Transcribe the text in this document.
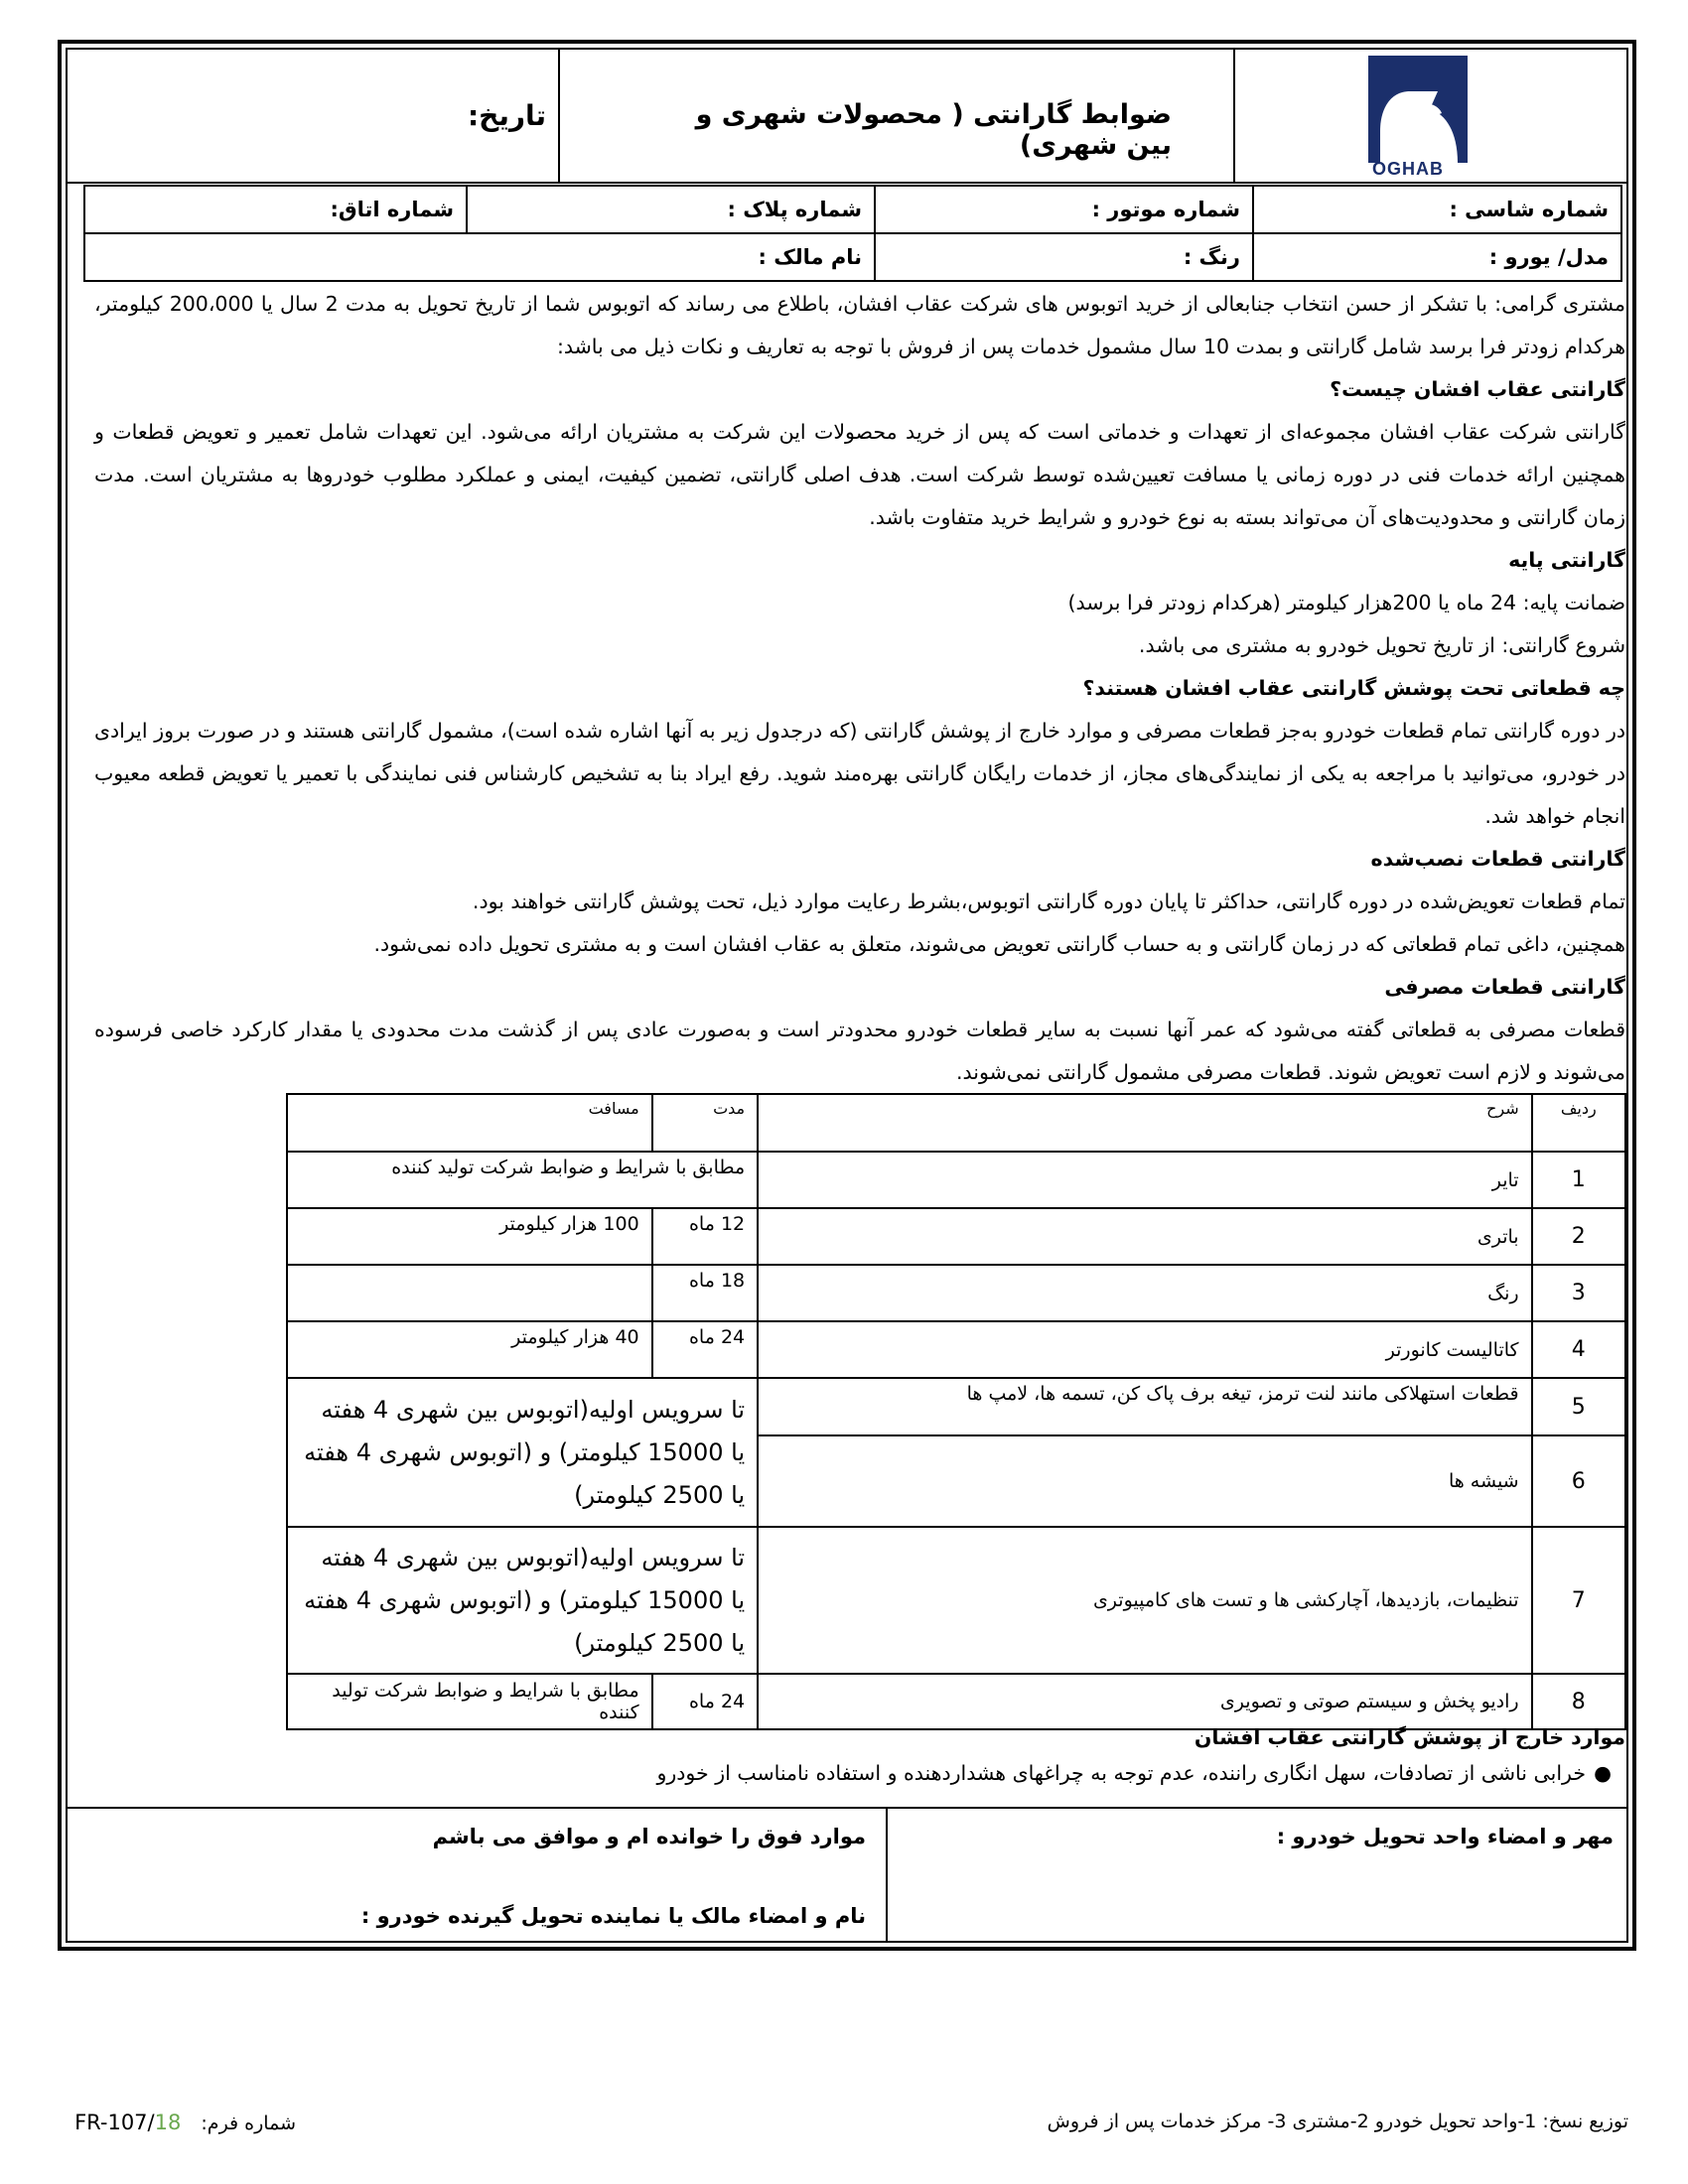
OGHAB
ضوابط گارانتی ( محصولات شهری و بین شهری)
تاریخ:
شماره شاسی :	شماره موتور :	شماره پلاک :	شماره اتاق:
مدل/ یورو :	رنگ :	نام مالک :	

مشتری گرامی: با تشکر از حسن انتخاب جنابعالی از خرید اتوبوس های شرکت عقاب افشان، باطلاع می رساند که اتوبوس شما از تاریخ تحویل به مدت 2 سال یا 200،000 کیلومتر، هرکدام زودتر فرا برسد شامل گارانتی و بمدت 10 سال مشمول خدمات پس از فروش با توجه به تعاریف و نکات ذیل می باشد:

گارانتی عقاب افشان چیست؟

گارانتی شرکت عقاب افشان مجموعه‌ای از تعهدات و خدماتی است که پس از خرید محصولات این شرکت به مشتریان ارائه می‌شود. این تعهدات شامل تعمیر و تعویض قطعات و همچنین ارائه خدمات فنی در دوره زمانی یا مسافت تعیین‌شده توسط شرکت است. هدف اصلی گارانتی، تضمین کیفیت، ایمنی و عملکرد مطلوب خودروها به مشتریان است. مدت زمان گارانتی و محدودیت‌های آن می‌تواند بسته به نوع خودرو و شرایط خرید متفاوت باشد.

گارانتی پایه

ضمانت پایه: 24 ماه یا 200هزار کیلومتر (هرکدام زودتر فرا برسد)

شروع گارانتی: از تاریخ تحویل خودرو به مشتری می باشد.

چه قطعاتی تحت پوشش گارانتی عقاب افشان هستند؟

در دوره گارانتی تمام قطعات خودرو به‌جز قطعات مصرفی و موارد خارج از پوشش گارانتی (که درجدول زیر به آنها اشاره شده است)، مشمول گارانتی هستند و در صورت بروز ایرادی در خودرو، می‌توانید با مراجعه به یکی از نمایندگی‌های مجاز، از خدمات رایگان گارانتی بهره‌مند شوید. رفع ایراد بنا به تشخیص کارشناس فنی نمایندگی با تعمیر یا تعویض قطعه معیوب انجام خواهد شد.

گارانتی قطعات نصب‌شده

تمام قطعات تعویض‌شده در دوره گارانتی، حداکثر تا پایان دوره گارانتی اتوبوس،بشرط رعایت موارد ذیل، تحت پوشش گارانتی خواهند بود.

همچنین، داغی تمام قطعاتی که در زمان گارانتی و به حساب گارانتی تعویض می‌شوند، متعلق به عقاب افشان است و به مشتری تحویل داده نمی‌شود.

گارانتی قطعات مصرفی

قطعات مصرفی به قطعاتی گفته می‌شود که عمر آنها نسبت به سایر قطعات خودرو محدودتر است و به‌صورت عادی پس از گذشت مدت محدودی یا مقدار کارکرد خاصی فرسوده می‌شوند و لازم است تعویض شوند. قطعات مصرفی مشمول گارانتی نمی‌شوند.

ردیف	شرح	مدت	مسافت
1	تایر	مطابق با شرایط و ضوابط شرکت تولید کننده	
2	باتری	12 ماه	100 هزار کیلومتر
3	رنگ	18 ماه	
4	کاتالیست کانورتر	24 ماه	40 هزار کیلومتر
5	قطعات استهلاکی مانند لنت ترمز، تیغه برف پاک کن، تسمه ها، لامپ ها	تا سرویس اولیه(اتوبوس بین شهری 4 هفته یا 15000 کیلومتر) و (اتوبوس شهری 4 هفته یا 2500 کیلومتر)	
6	شیشه ها		
7	تنظیمات، بازدیدها، آچارکشی ها و تست های کامپیوتری	تا سرویس اولیه(اتوبوس بین شهری 4 هفته یا 15000 کیلومتر) و (اتوبوس شهری 4 هفته یا 2500 کیلومتر)	
8	رادیو پخش و سیستم صوتی و تصویری	24 ماه	مطابق با شرایط و ضوابط شرکت تولید کننده
موارد خارج از پوشش گارانتی عقاب افشان
●
خرابی ناشی از تصادفات، سهل انگاری راننده، عدم توجه به چراغهای هشداردهنده و استفاده نامناسب از خودرو
مهر و امضاء واحد تحویل خودرو :
موارد فوق را خوانده ام و موافق می باشم
نام و امضاء مالک یا نماینده تحویل گیرنده خودرو :
توزیع نسخ: 1-واحد تحویل خودرو 2-مشتری 3- مرکز خدمات پس از فروش
شماره فرم: FR-107/18
